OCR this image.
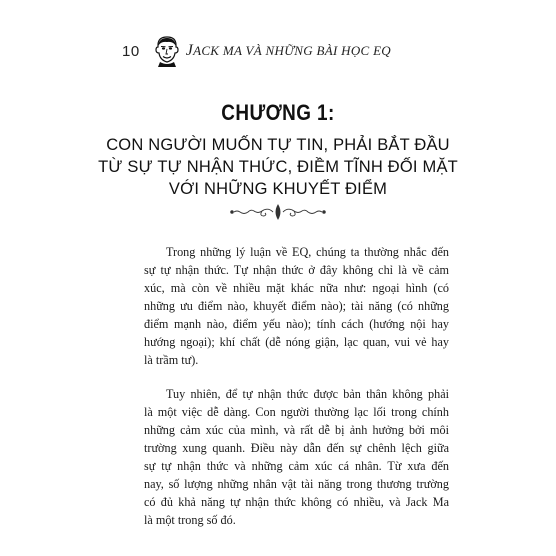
10	JACK MA VÀ NHỮNG BÀI HỌC EQ
CHƯƠNG 1:
CON NGƯỜI MUỐN TỰ TIN, PHẢI BẮT ĐẦU
TỪ SỰ TỰ NHẬN THỨC, ĐIỀM TĨNH ĐỐI MẶT
VỚI NHỮNG KHUYẾT ĐIỂM

Trong những lý luận về EQ, chúng ta thường nhắc đến
sự tự nhận thức. Tự nhận thức ở đây không chỉ là về cảm
xúc, mà còn về nhiều mặt khác nữa như: ngoại hình (có
những ưu điểm nào, khuyết điểm nào); tài năng (có những
điểm mạnh nào, điểm yếu nào); tính cách (hướng nội hay
hướng ngoại); khí chất (dễ nóng giận, lạc quan, vui vẻ hay
là trầm tư).

Tuy nhiên, để tự nhận thức được bản thân không phải
là một việc dễ dàng. Con người thường lạc lối trong chính
những cảm xúc của mình, và rất dễ bị ảnh hưởng bởi môi
trường xung quanh. Điều này dẫn đến sự chênh lệch giữa
sự tự nhận thức và những cảm xúc cá nhân. Từ xưa đến
nay, số lượng những nhân vật tài năng trong thương trường
có đủ khả năng tự nhận thức không có nhiều, và Jack Ma
là một trong số đó.
